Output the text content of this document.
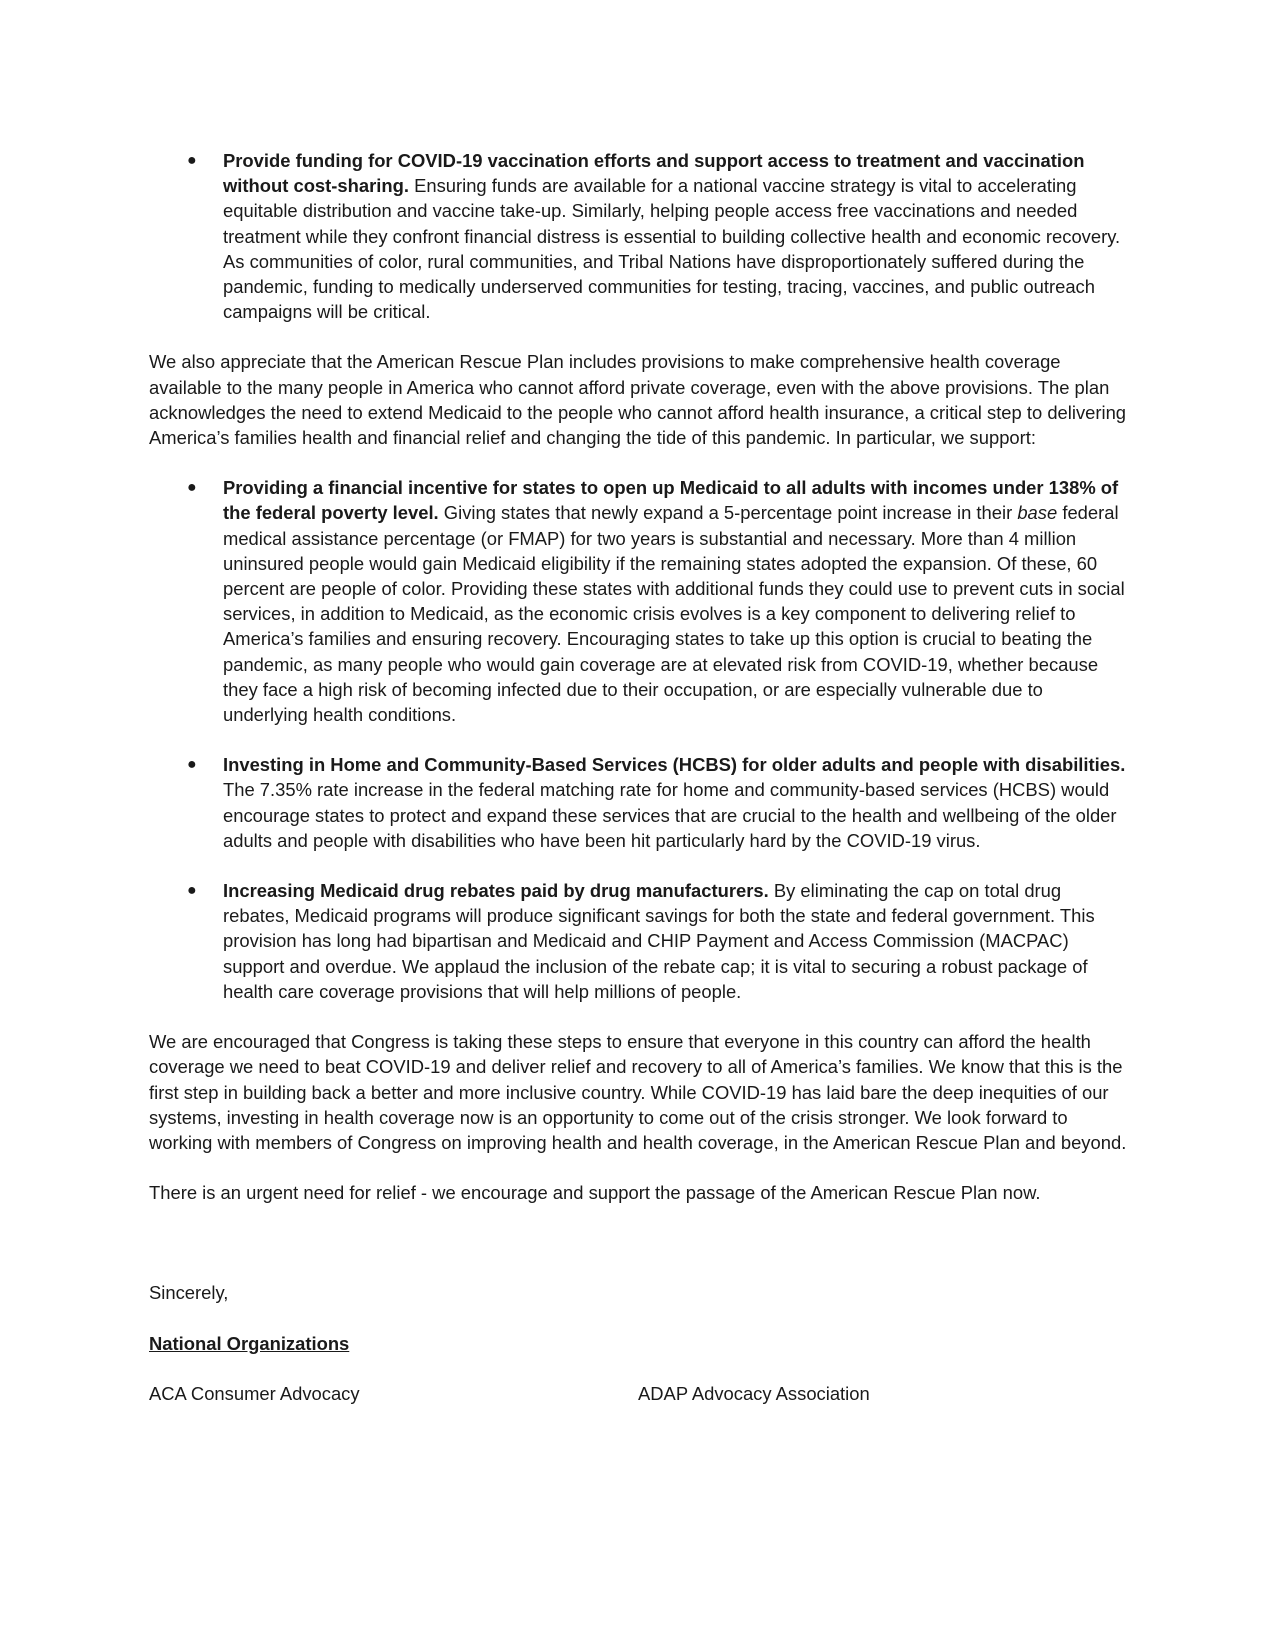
● Provide funding for COVID-19 vaccination efforts and support access to treatment and vaccination without cost-sharing. Ensuring funds are available for a national vaccine strategy is vital to accelerating equitable distribution and vaccine take-up. Similarly, helping people access free vaccinations and needed treatment while they confront financial distress is essential to building collective health and economic recovery. As communities of color, rural communities, and Tribal Nations have disproportionately suffered during the pandemic, funding to medically underserved communities for testing, tracing, vaccines, and public outreach campaigns will be critical.

We also appreciate that the American Rescue Plan includes provisions to make comprehensive health coverage available to the many people in America who cannot afford private coverage, even with the above provisions. The plan acknowledges the need to extend Medicaid to the people who cannot afford health insurance, a critical step to delivering America’s families health and financial relief and changing the tide of this pandemic. In particular, we support:

● Providing a financial incentive for states to open up Medicaid to all adults with incomes under 138% of the federal poverty level. Giving states that newly expand a 5-percentage point increase in their base federal medical assistance percentage (or FMAP) for two years is substantial and necessary. More than 4 million uninsured people would gain Medicaid eligibility if the remaining states adopted the expansion. Of these, 60 percent are people of color. Providing these states with additional funds they could use to prevent cuts in social services, in addition to Medicaid, as the economic crisis evolves is a key component to delivering relief to America’s families and ensuring recovery. Encouraging states to take up this option is crucial to beating the pandemic, as many people who would gain coverage are at elevated risk from COVID-19, whether because they face a high risk of becoming infected due to their occupation, or are especially vulnerable due to underlying health conditions.
● Investing in Home and Community-Based Services (HCBS) for older adults and people with disabilities. The 7.35% rate increase in the federal matching rate for home and community-based services (HCBS) would encourage states to protect and expand these services that are crucial to the health and wellbeing of the older adults and people with disabilities who have been hit particularly hard by the COVID-19 virus.
● Increasing Medicaid drug rebates paid by drug manufacturers. By eliminating the cap on total drug rebates, Medicaid programs will produce significant savings for both the state and federal government. This provision has long had bipartisan and Medicaid and CHIP Payment and Access Commission (MACPAC) support and overdue. We applaud the inclusion of the rebate cap; it is vital to securing a robust package of health care coverage provisions that will help millions of people.

We are encouraged that Congress is taking these steps to ensure that everyone in this country can afford the health coverage we need to beat COVID-19 and deliver relief and recovery to all of America’s families. We know that this is the first step in building back a better and more inclusive country. While COVID-19 has laid bare the deep inequities of our systems, investing in health coverage now is an opportunity to come out of the crisis stronger. We look forward to working with members of Congress on improving health and health coverage, in the American Rescue Plan and beyond.

There is an urgent need for relief - we encourage and support the passage of the American Rescue Plan now.

Sincerely,

National Organizations

ACA Consumer Advocacy	ADAP Advocacy Association
